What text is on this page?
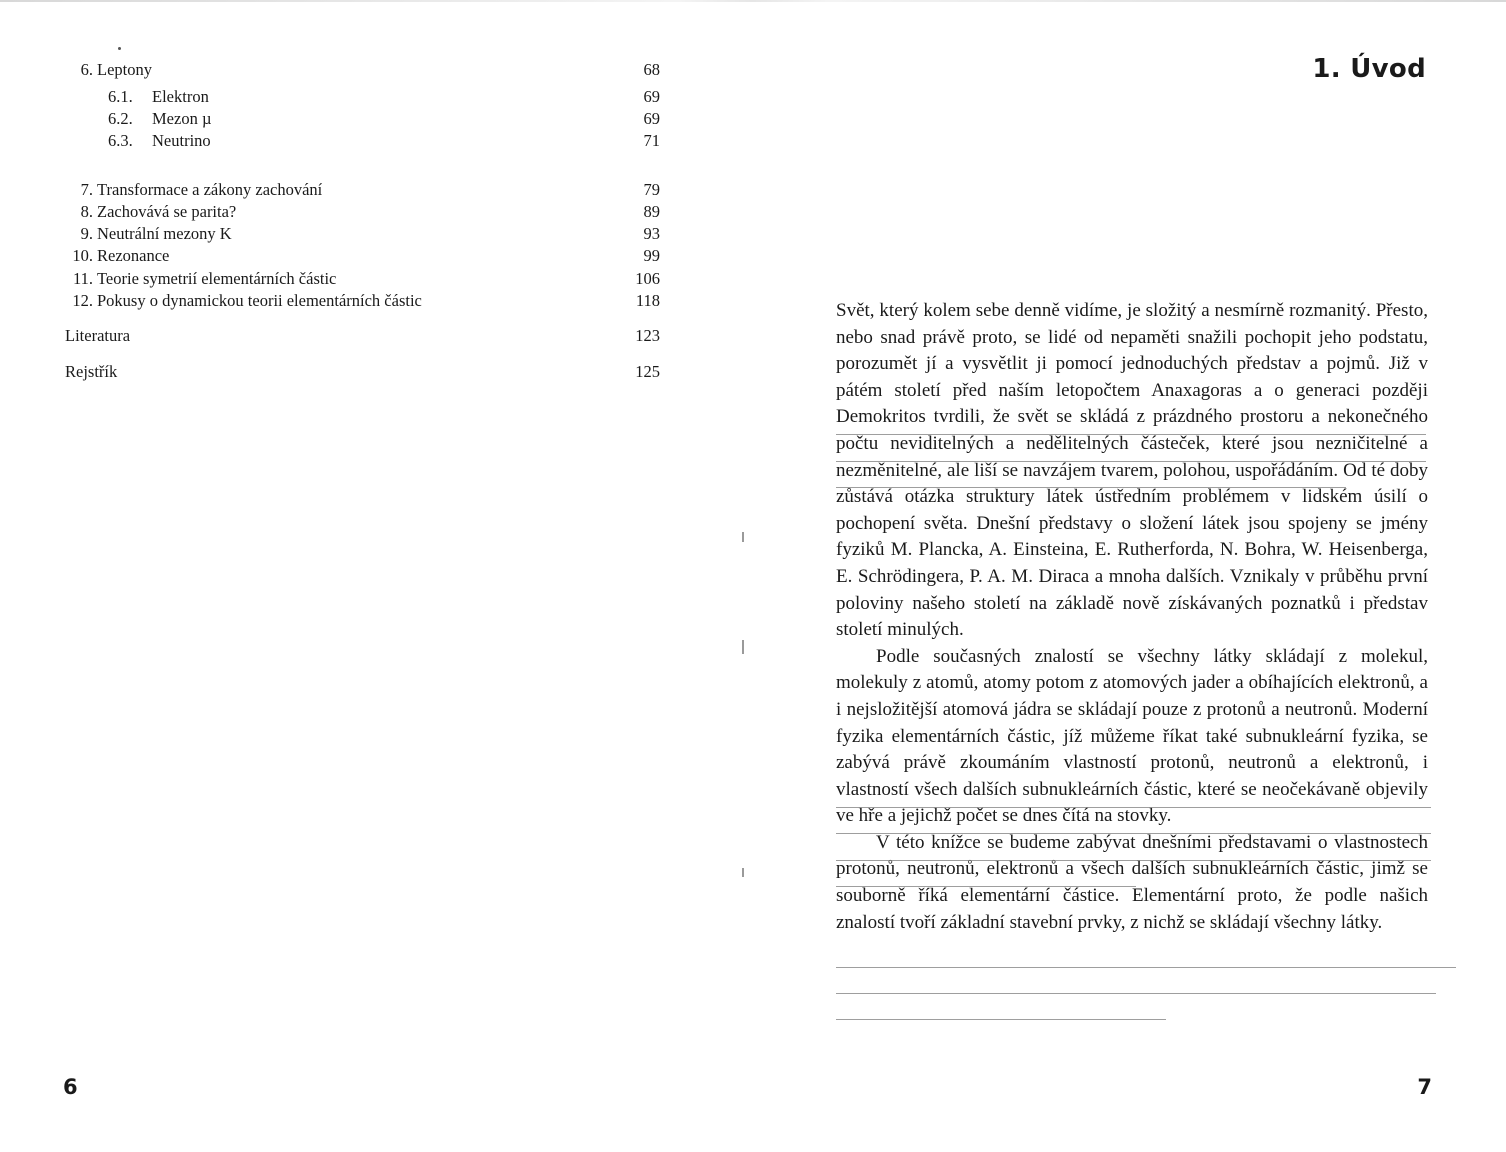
6. Leptony	68
6.1.	Elektron	69
6.2.	Mezon µ	69
6.3.	Neutrino	71
7. Transformace a zákony zachování	79
8. Zachovává se parita?	89
9. Neutrální mezony K	93
10. Rezonance	99
11. Teorie symetrií elementárních částic	106
12. Pokusy o dynamickou teorii elementárních částic	118
Literatura	123
Rejstřík	125
6
1. Úvod

Svět, který kolem sebe denně vidíme, je složitý a nesmírně rozmanitý. Přesto, nebo snad právě proto, se lidé od nepaměti snažili pochopit jeho podstatu, porozumět jí a vysvětlit ji pomocí jednoduchých představ a pojmů. Již v pátém století před naším letopočtem Anaxagoras a o generaci později Demokritos tvrdili, že svět se skládá z prázdného prostoru a nekonečného počtu neviditelných a nedělitelných částeček, které jsou nezničitelné a nezměnitelné, ale liší se navzájem tvarem, polohou, uspořádáním. Od té doby zůstává otázka struktury látek ústředním problémem v lidském úsilí o pochopení světa. Dnešní představy o složení látek jsou spojeny se jmény fyziků M. Plancka, A. Einsteina, E. Rutherforda, N. Bohra, W. Heisenberga, E. Schrödingera, P. A. M. Diraca a mnoha dalších. Vznikaly v průběhu první poloviny našeho století na základě nově získávaných poznatků i představ století minulých.

Podle současných znalostí se všechny látky skládají z molekul, molekuly z atomů, atomy potom z atomových jader a obíhajících elektronů, a i nejsložitější atomová jádra se skládají pouze z protonů a neutronů. Moderní fyzika elementárních částic, jíž můžeme říkat také subnukleární fyzika, se zabývá právě zkoumáním vlastností protonů, neutronů a elektronů, i vlastností všech dalších subnukleárních částic, které se neočekávaně objevily ve hře a jejichž počet se dnes čítá na stovky.

V této knížce se budeme zabývat dnešními představami o vlastnostech protonů, neutronů, elektronů a všech dalších subnukleárních částic, jimž se souborně říká elementární částice. Elementární proto, že podle našich znalostí tvoří základní stavební prvky, z nichž se skládají všechny látky.

7
